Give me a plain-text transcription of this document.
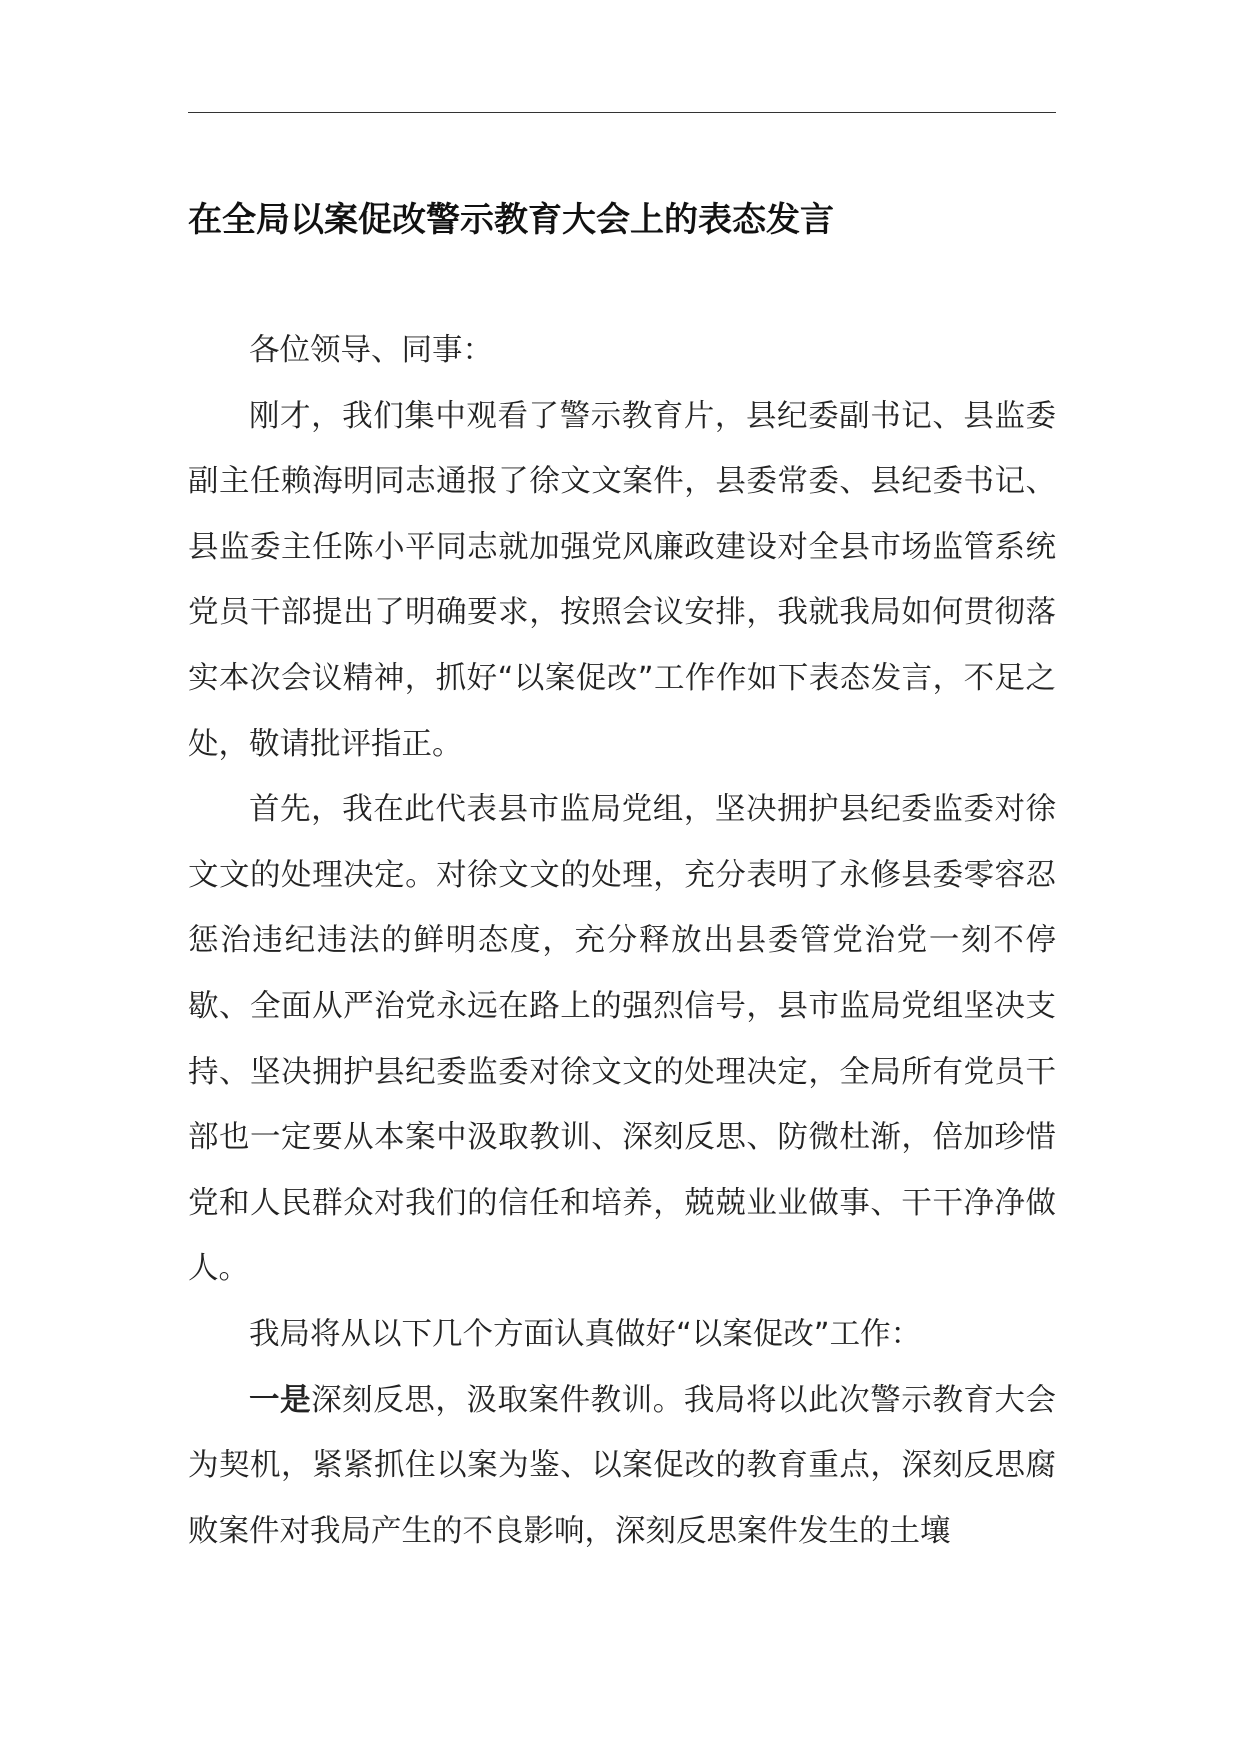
在全局以案促改警示教育大会上的表态发言

各位领导、同事：

刚才，我们集中观看了警示教育片，县纪委副书记、县监委副主任赖海明同志通报了徐文文案件，县委常委、县纪委书记、县监委主任陈小平同志就加强党风廉政建设对全县市场监管系统党员干部提出了明确要求，按照会议安排，我就我局如何贯彻落实本次会议精神，抓好“以案促改”工作作如下表态发言，不足之处，敬请批评指正。

首先，我在此代表县市监局党组，坚决拥护县纪委监委对徐文文的处理决定。对徐文文的处理，充分表明了永修县委零容忍惩治违纪违法的鲜明态度，充分释放出县委管党治党一刻不停歇、全面从严治党永远在路上的强烈信号，县市监局党组坚决支持、坚决拥护县纪委监委对徐文文的处理决定，全局所有党员干部也一定要从本案中汲取教训、深刻反思、防微杜渐，倍加珍惜党和人民群众对我们的信任和培养，兢兢业业做事、干干净净做人。

我局将从以下几个方面认真做好“以案促改”工作：

一是深刻反思，汲取案件教训。我局将以此次警示教育大会为契机，紧紧抓住以案为鉴、以案促改的教育重点，深刻反思腐败案件对我局产生的不良影响，深刻反思案件发生的土壤
